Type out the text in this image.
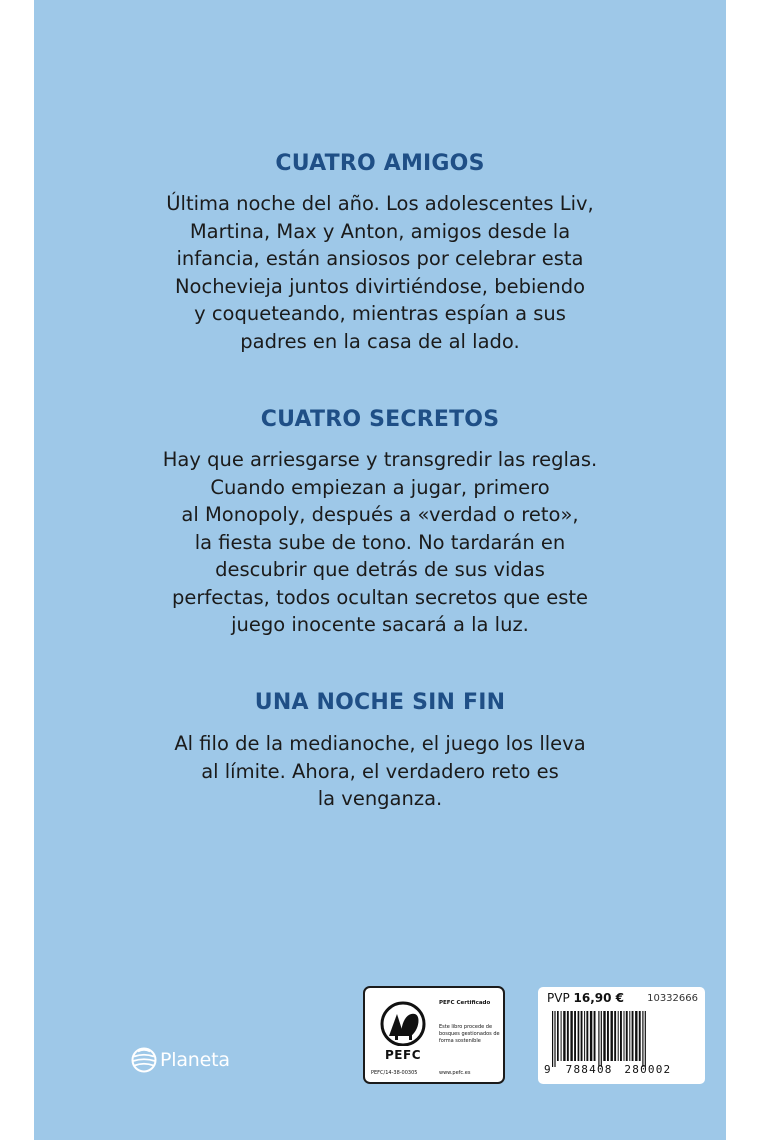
CUATRO AMIGOS
Última noche del año. Los adolescentes Liv,
Martina, Max y Anton, amigos desde la
infancia, están ansiosos por celebrar esta
Nochevieja juntos divirtiéndose, bebiendo
y coqueteando, mientras espían a sus
padres en la casa de al lado.
CUATRO SECRETOS
Hay que arriesgarse y transgredir las reglas.
Cuando empiezan a jugar, primero
al Monopoly, después a «verdad o reto»,
la fiesta sube de tono. No tardarán en
descubrir que detrás de sus vidas
perfectas, todos ocultan secretos que este
juego inocente sacará a la luz.
UNA NOCHE SIN FIN
Al filo de la medianoche, el juego los lleva
al límite. Ahora, el verdadero reto es
la venganza.
Planeta	PEFC
PEFC Certificado
Este libro procede de bosques gestionados de forma sostenible
PEFC/14-38-00305	www.pefc.es
PVP 16,90 € 10332666
9 788408 280002
